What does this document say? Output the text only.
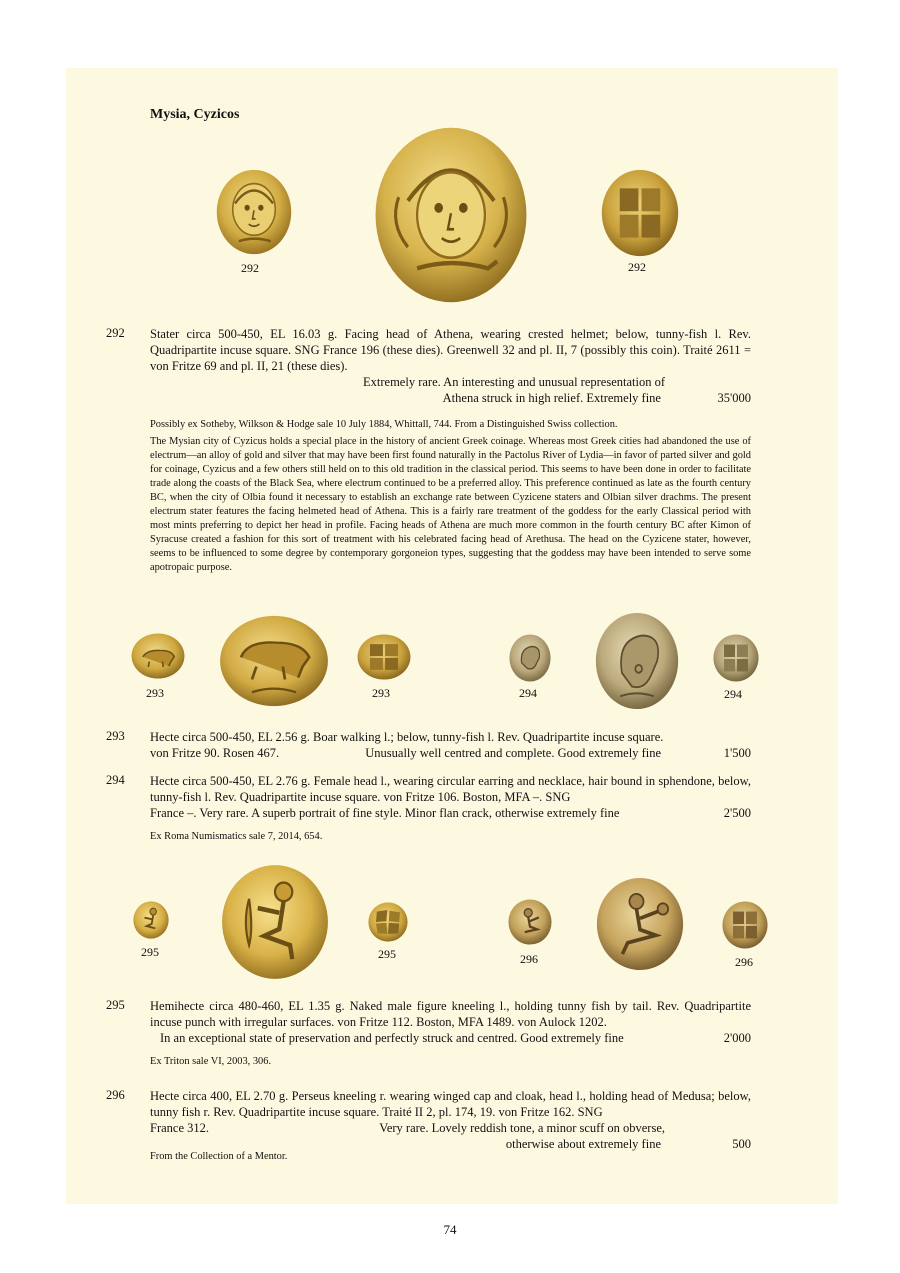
Mysia, Cyzicos
292	292
292 Stater circa 500-450, EL 16.03 g. Facing head of Athena, wearing crested helmet; below, tunny-fish l. Rev. Quadripartite incuse square. SNG France 196 (these dies). Greenwell 32 and pl. II, 7 (possibly this coin). Traité 2611 = von Fritze 69 and pl. II, 21 (these dies).

Extremely rare. An interesting and unusual representation of
Athena struck in high relief. Extremely fine	35'000
Possibly ex Sotheby, Wilkson & Hodge sale 10 July 1884, Whittall, 744. From a Distinguished Swiss collection.
The Mysian city of Cyzicus holds a special place in the history of ancient Greek coinage. Whereas most Greek cities had abandoned the use of electrum—an alloy of gold and silver that may have been first found naturally in the Pactolus River of Lydia—in favor of parted silver and gold for coinage, Cyzicus and a few others still held on to this old tradition in the classical period. This seems to have been done in order to facilitate trade along the coasts of the Black Sea, where electrum continued to be a preferred alloy. This preference continued as late as the fourth century BC, when the city of Olbia found it necessary to establish an exchange rate between Cyzicene staters and Olbian silver drachms. The present electrum stater features the facing helmeted head of Athena. This is a fairly rare treatment of the goddess for the early Classical period with most mints preferring to depict her head in profile. Facing heads of Athena are much more common in the fourth century BC after Kimon of Syracuse created a fashion for this sort of treatment with his celebrated facing head of Arethusa. The head on the Cyzicene stater, however, seems to be influenced to some degree by contemporary gorgoneion types, suggesting that the goddess may have been intended to serve some apotropaic purpose.
293	293	294	294
293 Hecte circa 500-450, EL 2.56 g. Boar walking l.; below, tunny-fish l. Rev. Quadripartite incuse square.

von Fritze 90. Rosen 467.	Unusually well centred and complete. Good extremely fine	1'500
294 Hecte circa 500-450, EL 2.76 g. Female head l., wearing circular earring and necklace, hair bound in sphendone, below, tunny-fish l. Rev. Quadripartite incuse square. von Fritze 106. Boston, MFA –. SNG

France –. Very rare. A superb portrait of fine style. Minor flan crack, otherwise extremely fine	2'500
Ex Roma Numismatics sale 7, 2014, 654.
295	295	296	296
295 Hemihecte circa 480-460, EL 1.35 g. Naked male figure kneeling l., holding tunny fish by tail. Rev. Quadripartite incuse punch with irregular surfaces. von Fritze 112. Boston, MFA 1489. von Aulock 1202.

In an exceptional state of preservation and perfectly struck and centred. Good extremely fine	2'000
Ex Triton sale VI, 2003, 306.
296 Hecte circa 400, EL 2.70 g. Perseus kneeling r. wearing winged cap and cloak, head l., holding head of Medusa; below, tunny fish r. Rev. Quadripartite incuse square. Traité II 2, pl. 174, 19. von Fritze 162. SNG

France 312.	Very rare. Lovely reddish tone, a minor scuff on obverse,
otherwise about extremely fine	500
From the Collection of a Mentor.
74
